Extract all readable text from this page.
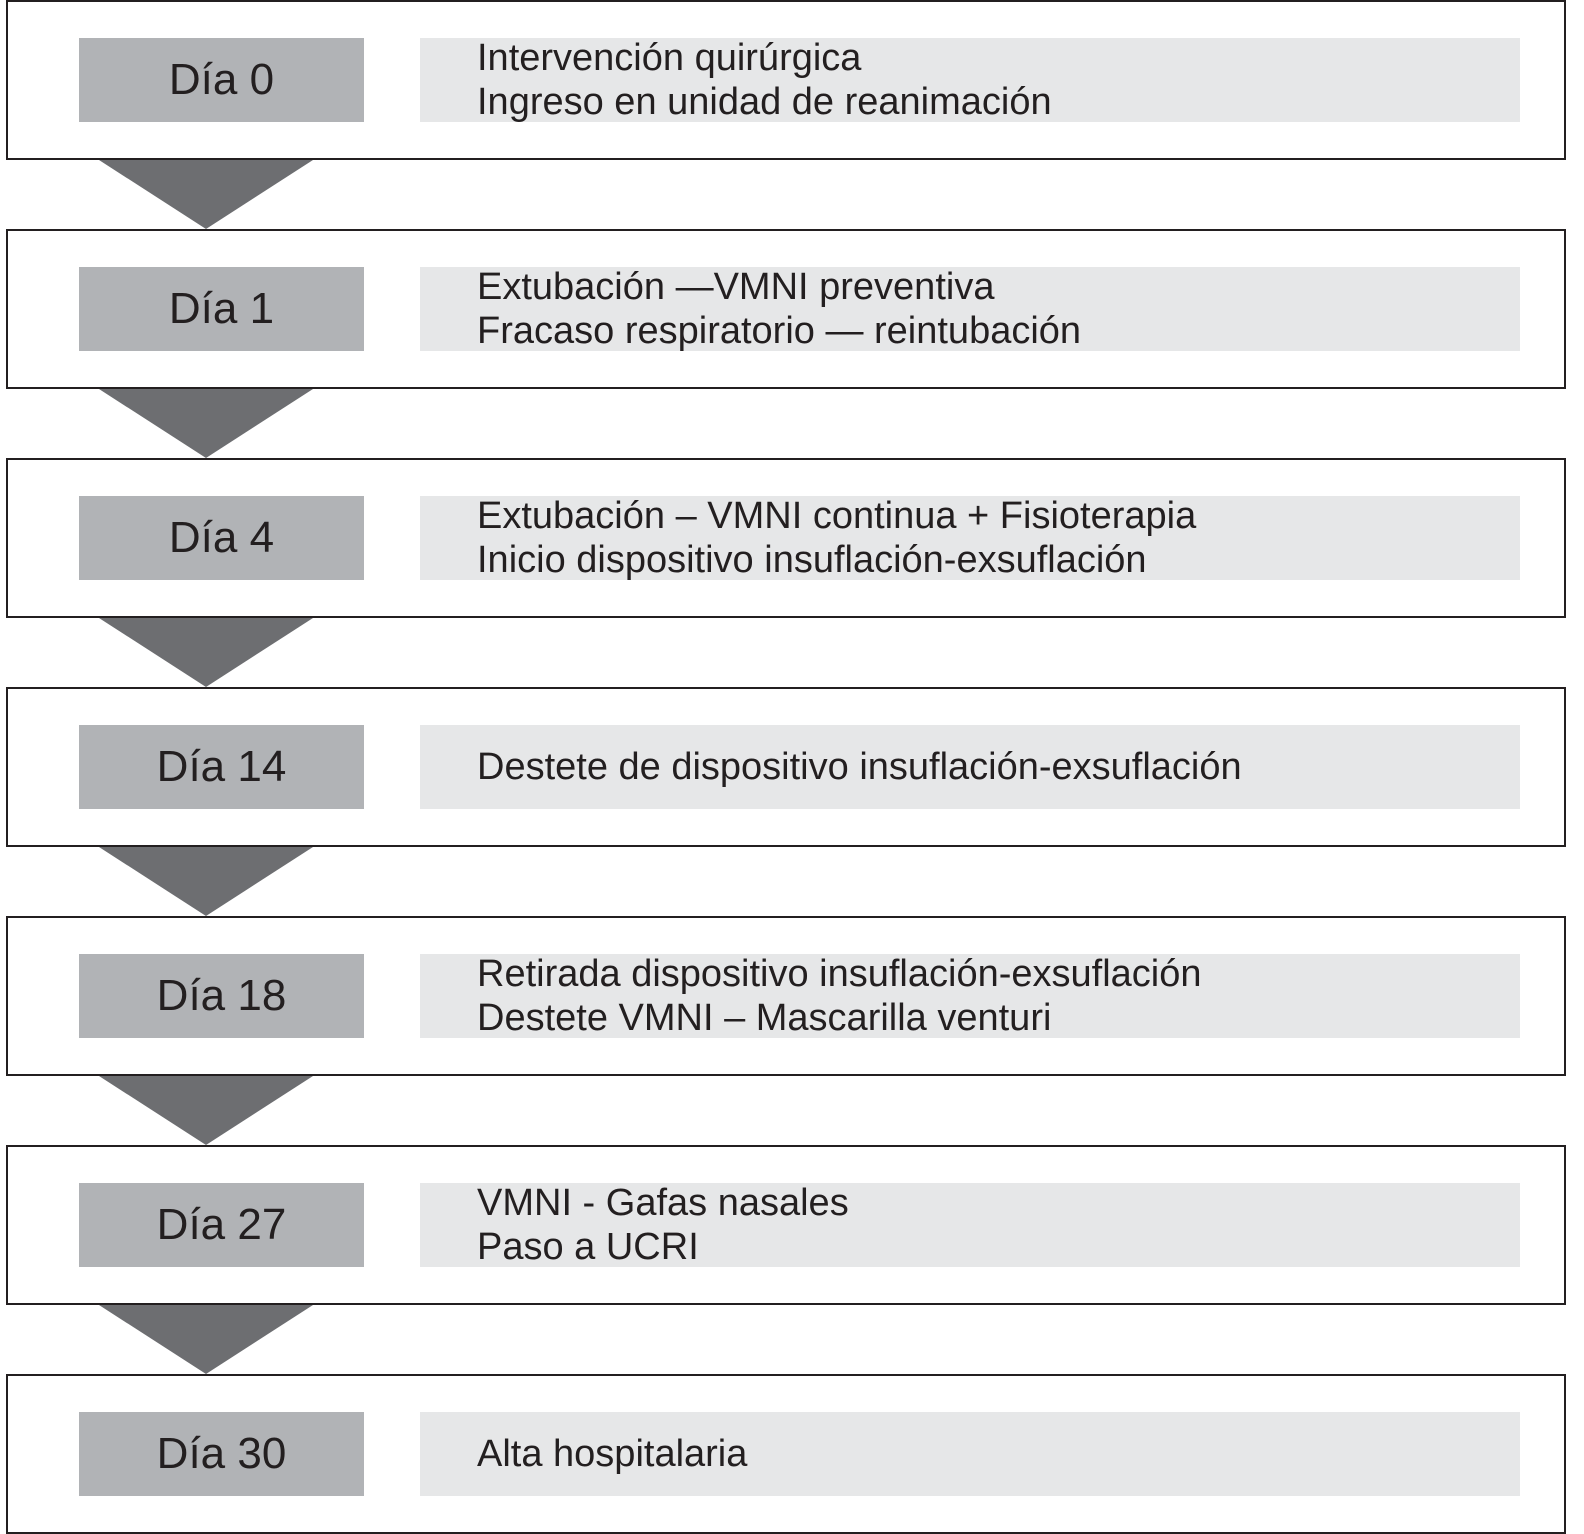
Día 0	Intervención quirúrgica
Ingreso en unidad de reanimación
Día 1	Extubación —VMNI preventiva
Fracaso respiratorio — reintubación
Día 4	Extubación – VMNI continua + Fisioterapia
Inicio dispositivo insuflación-exsuflación
Día 14	Destete de dispositivo insuflación-exsuflación
Día 18	Retirada dispositivo insuflación-exsuflación
Destete VMNI – Mascarilla venturi
Día 27	VMNI - Gafas nasales
Paso a UCRI
Día 30	Alta hospitalaria
